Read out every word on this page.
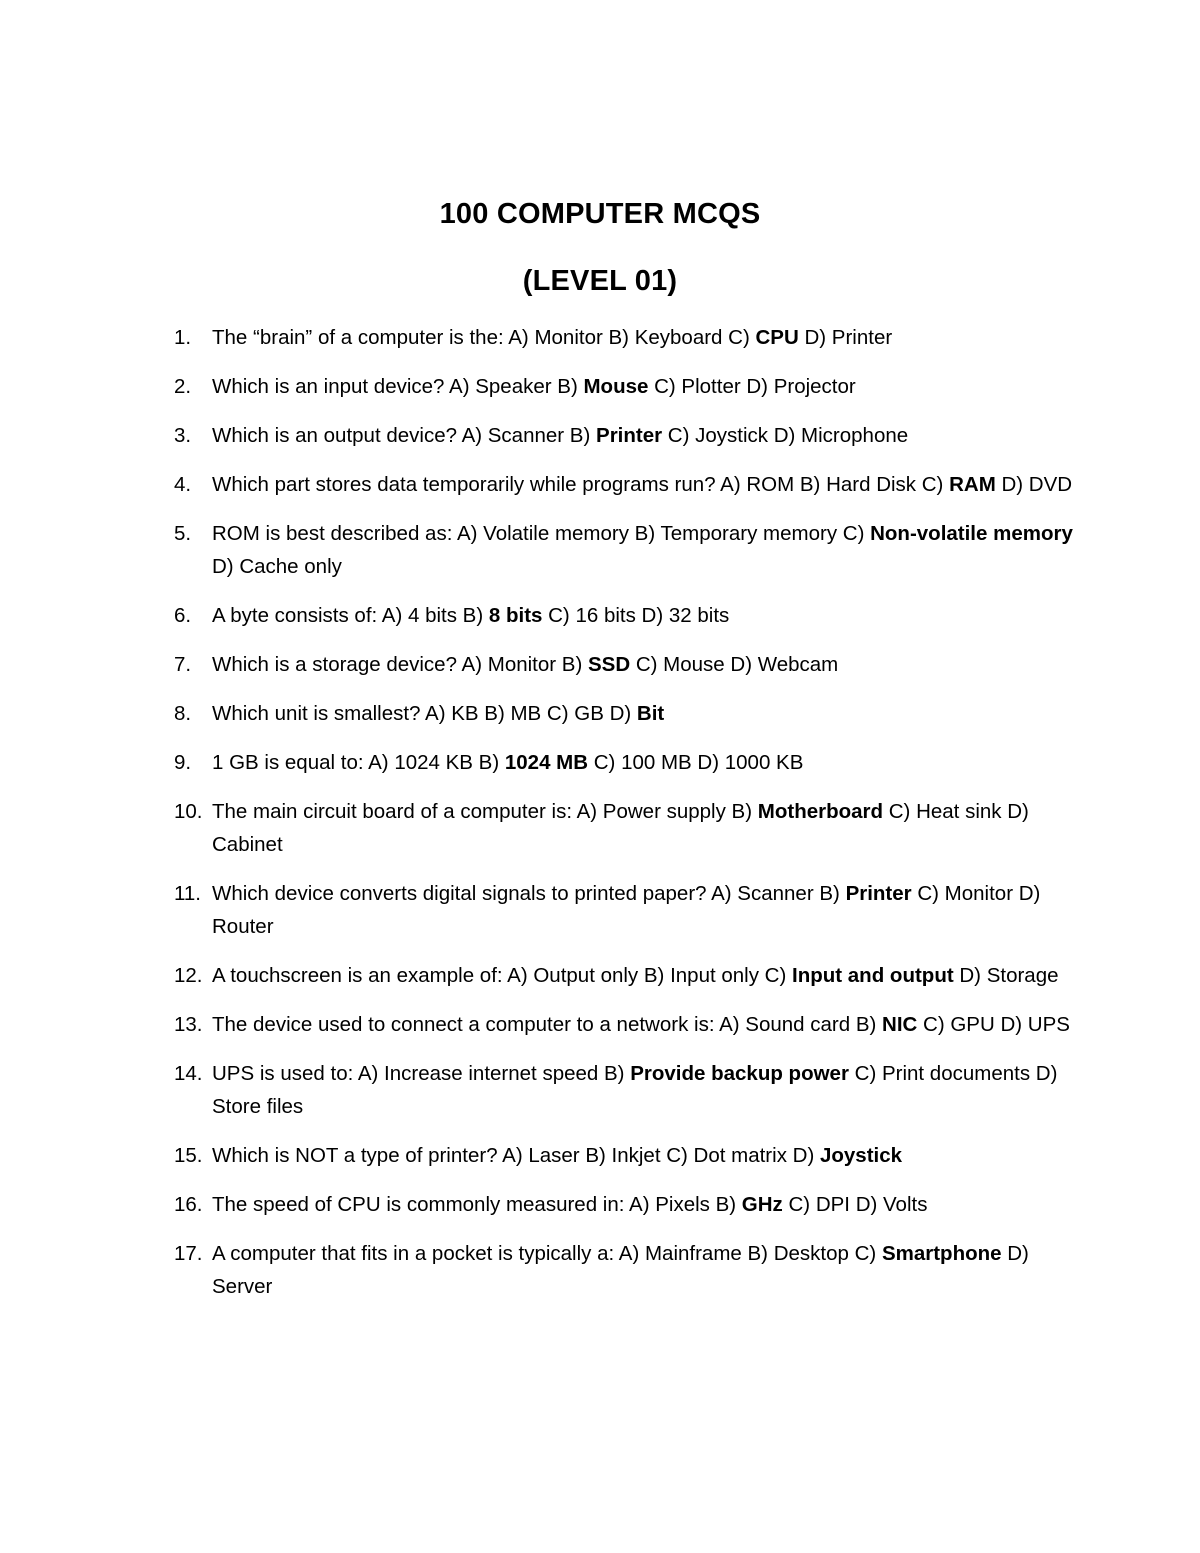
100 COMPUTER MCQS
(LEVEL 01)
1. The “brain” of a computer is the: A) Monitor B) Keyboard C) CPU D) Printer
2. Which is an input device? A) Speaker B) Mouse C) Plotter D) Projector
3. Which is an output device? A) Scanner B) Printer C) Joystick D) Microphone
4. Which part stores data temporarily while programs run? A) ROM B) Hard Disk C) RAM D) DVD
5. ROM is best described as: A) Volatile memory B) Temporary memory C) Non-volatile memory D) Cache only
6. A byte consists of: A) 4 bits B) 8 bits C) 16 bits D) 32 bits
7. Which is a storage device? A) Monitor B) SSD C) Mouse D) Webcam
8. Which unit is smallest? A) KB B) MB C) GB D) Bit
9. 1 GB is equal to: A) 1024 KB B) 1024 MB C) 100 MB D) 1000 KB
10. The main circuit board of a computer is: A) Power supply B) Motherboard C) Heat sink D) Cabinet
11. Which device converts digital signals to printed paper? A) Scanner B) Printer C) Monitor D) Router
12. A touchscreen is an example of: A) Output only B) Input only C) Input and output D) Storage
13. The device used to connect a computer to a network is: A) Sound card B) NIC C) GPU D) UPS
14. UPS is used to: A) Increase internet speed B) Provide backup power C) Print documents D) Store files
15. Which is NOT a type of printer? A) Laser B) Inkjet C) Dot matrix D) Joystick
16. The speed of CPU is commonly measured in: A) Pixels B) GHz C) DPI D) Volts
17. A computer that fits in a pocket is typically a: A) Mainframe B) Desktop C) Smartphone D) Server
